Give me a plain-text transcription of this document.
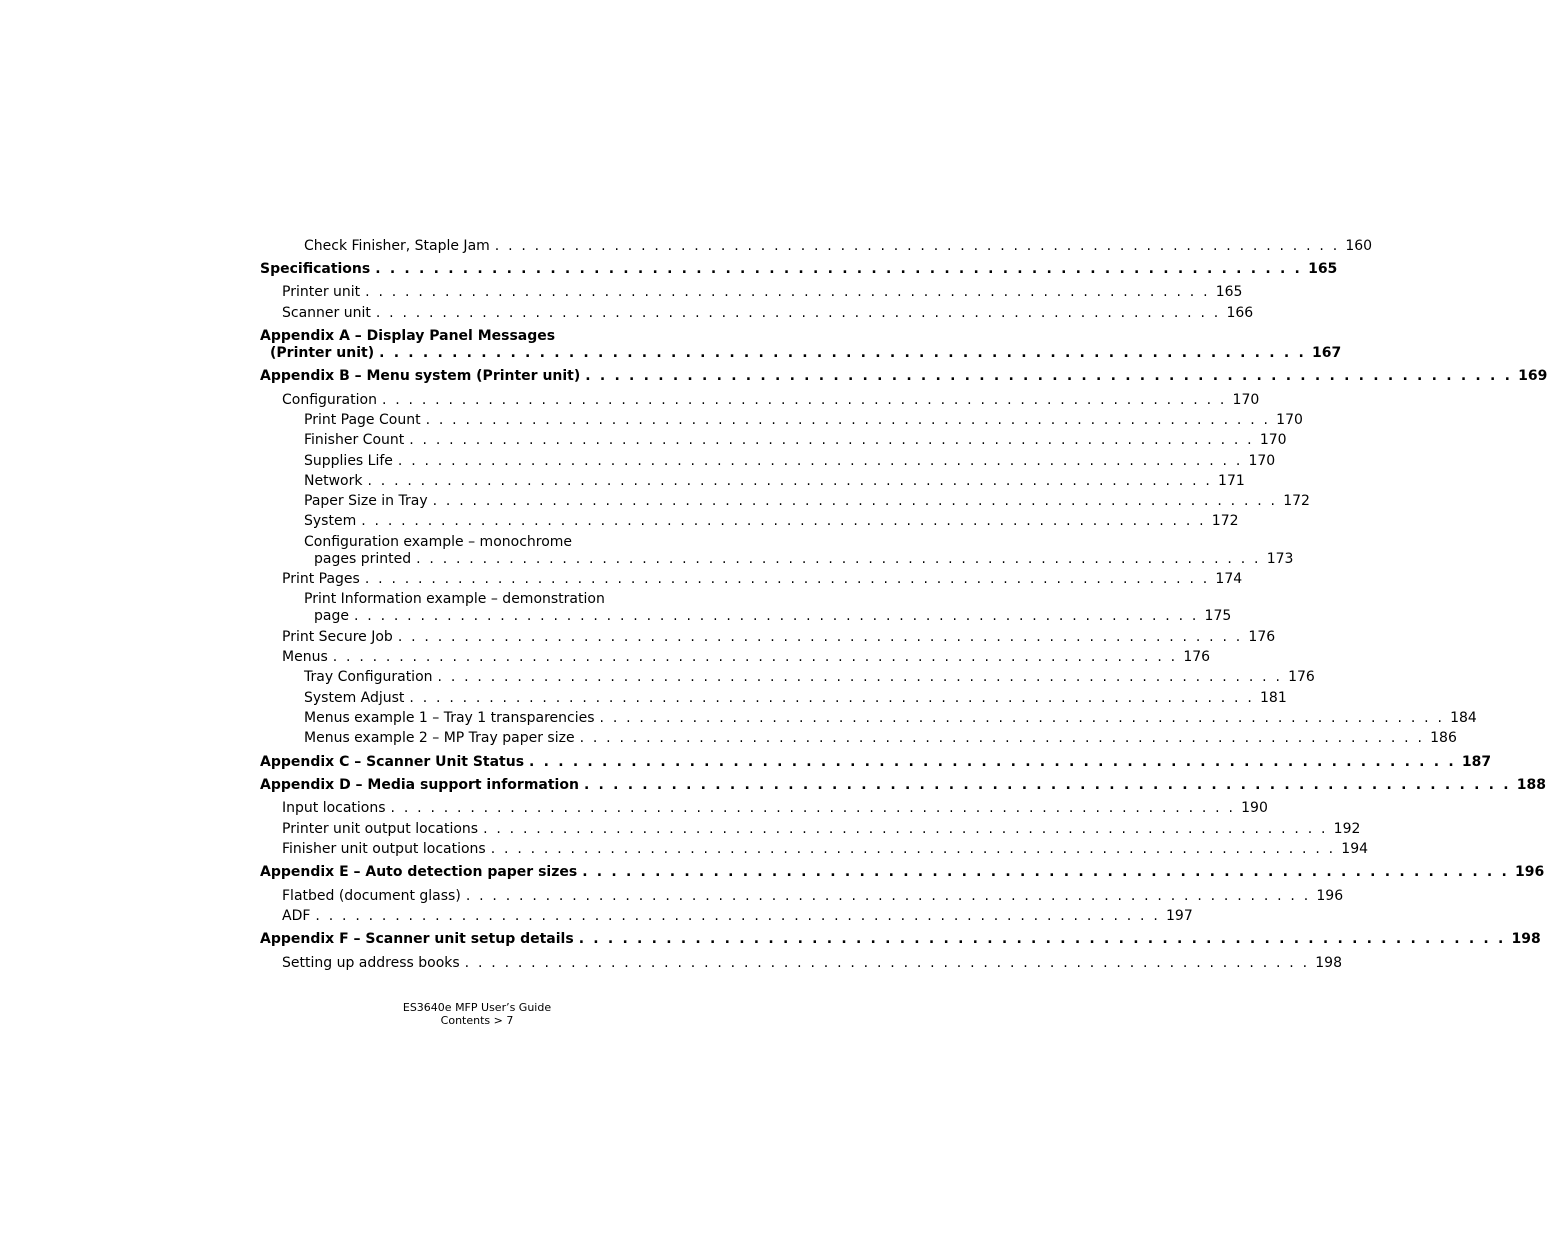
Check Finisher, Staple Jam . . . . . . . . . . . . . . . . . . . . . . . . . . . . . . . . . . . . . . . . . . . . . . . . . . . . . . . . . . . . . . . . 160
Specifications . . . . . . . . . . . . . . . . . . . . . . . . . . . . . . . . . . . . . . . . . . . . . . . . . . . . . . . . . . . . . . . . 165
Printer unit . . . . . . . . . . . . . . . . . . . . . . . . . . . . . . . . . . . . . . . . . . . . . . . . . . . . . . . . . . . . . . . . 165
Scanner unit . . . . . . . . . . . . . . . . . . . . . . . . . . . . . . . . . . . . . . . . . . . . . . . . . . . . . . . . . . . . . . . . 166
Appendix A – Display Panel Messages
(Printer unit) . . . . . . . . . . . . . . . . . . . . . . . . . . . . . . . . . . . . . . . . . . . . . . . . . . . . . . . . . . . . . . . . 167
Appendix B – Menu system (Printer unit) . . . . . . . . . . . . . . . . . . . . . . . . . . . . . . . . . . . . . . . . . . . . . . . . . . . . . . . . . . . . . . . . 169
Configuration . . . . . . . . . . . . . . . . . . . . . . . . . . . . . . . . . . . . . . . . . . . . . . . . . . . . . . . . . . . . . . . . 170
Print Page Count . . . . . . . . . . . . . . . . . . . . . . . . . . . . . . . . . . . . . . . . . . . . . . . . . . . . . . . . . . . . . . . . 170
Finisher Count . . . . . . . . . . . . . . . . . . . . . . . . . . . . . . . . . . . . . . . . . . . . . . . . . . . . . . . . . . . . . . . . 170
Supplies Life . . . . . . . . . . . . . . . . . . . . . . . . . . . . . . . . . . . . . . . . . . . . . . . . . . . . . . . . . . . . . . . . 170
Network . . . . . . . . . . . . . . . . . . . . . . . . . . . . . . . . . . . . . . . . . . . . . . . . . . . . . . . . . . . . . . . . 171
Paper Size in Tray . . . . . . . . . . . . . . . . . . . . . . . . . . . . . . . . . . . . . . . . . . . . . . . . . . . . . . . . . . . . . . . . 172
System . . . . . . . . . . . . . . . . . . . . . . . . . . . . . . . . . . . . . . . . . . . . . . . . . . . . . . . . . . . . . . . . 172
Configuration example – monochrome
pages printed . . . . . . . . . . . . . . . . . . . . . . . . . . . . . . . . . . . . . . . . . . . . . . . . . . . . . . . . . . . . . . . . 173
Print Pages . . . . . . . . . . . . . . . . . . . . . . . . . . . . . . . . . . . . . . . . . . . . . . . . . . . . . . . . . . . . . . . . 174
Print Information example – demonstration
page . . . . . . . . . . . . . . . . . . . . . . . . . . . . . . . . . . . . . . . . . . . . . . . . . . . . . . . . . . . . . . . . 175
Print Secure Job . . . . . . . . . . . . . . . . . . . . . . . . . . . . . . . . . . . . . . . . . . . . . . . . . . . . . . . . . . . . . . . . 176
Menus . . . . . . . . . . . . . . . . . . . . . . . . . . . . . . . . . . . . . . . . . . . . . . . . . . . . . . . . . . . . . . . . 176
Tray Configuration . . . . . . . . . . . . . . . . . . . . . . . . . . . . . . . . . . . . . . . . . . . . . . . . . . . . . . . . . . . . . . . . 176
System Adjust . . . . . . . . . . . . . . . . . . . . . . . . . . . . . . . . . . . . . . . . . . . . . . . . . . . . . . . . . . . . . . . . 181
Menus example 1 – Tray 1 transparencies . . . . . . . . . . . . . . . . . . . . . . . . . . . . . . . . . . . . . . . . . . . . . . . . . . . . . . . . . . . . . . . . 184
Menus example 2 – MP Tray paper size . . . . . . . . . . . . . . . . . . . . . . . . . . . . . . . . . . . . . . . . . . . . . . . . . . . . . . . . . . . . . . . . 186
Appendix C – Scanner Unit Status . . . . . . . . . . . . . . . . . . . . . . . . . . . . . . . . . . . . . . . . . . . . . . . . . . . . . . . . . . . . . . . . 187
Appendix D – Media support information . . . . . . . . . . . . . . . . . . . . . . . . . . . . . . . . . . . . . . . . . . . . . . . . . . . . . . . . . . . . . . . . 188
Input locations . . . . . . . . . . . . . . . . . . . . . . . . . . . . . . . . . . . . . . . . . . . . . . . . . . . . . . . . . . . . . . . . 190
Printer unit output locations . . . . . . . . . . . . . . . . . . . . . . . . . . . . . . . . . . . . . . . . . . . . . . . . . . . . . . . . . . . . . . . . 192
Finisher unit output locations . . . . . . . . . . . . . . . . . . . . . . . . . . . . . . . . . . . . . . . . . . . . . . . . . . . . . . . . . . . . . . . . 194
Appendix E – Auto detection paper sizes . . . . . . . . . . . . . . . . . . . . . . . . . . . . . . . . . . . . . . . . . . . . . . . . . . . . . . . . . . . . . . . . 196
Flatbed (document glass) . . . . . . . . . . . . . . . . . . . . . . . . . . . . . . . . . . . . . . . . . . . . . . . . . . . . . . . . . . . . . . . . 196
ADF . . . . . . . . . . . . . . . . . . . . . . . . . . . . . . . . . . . . . . . . . . . . . . . . . . . . . . . . . . . . . . . . 197
Appendix F – Scanner unit setup details . . . . . . . . . . . . . . . . . . . . . . . . . . . . . . . . . . . . . . . . . . . . . . . . . . . . . . . . . . . . . . . . 198
Setting up address books . . . . . . . . . . . . . . . . . . . . . . . . . . . . . . . . . . . . . . . . . . . . . . . . . . . . . . . . . . . . . . . . 198
ES3640e MFP User’s Guide
Contents > 7
